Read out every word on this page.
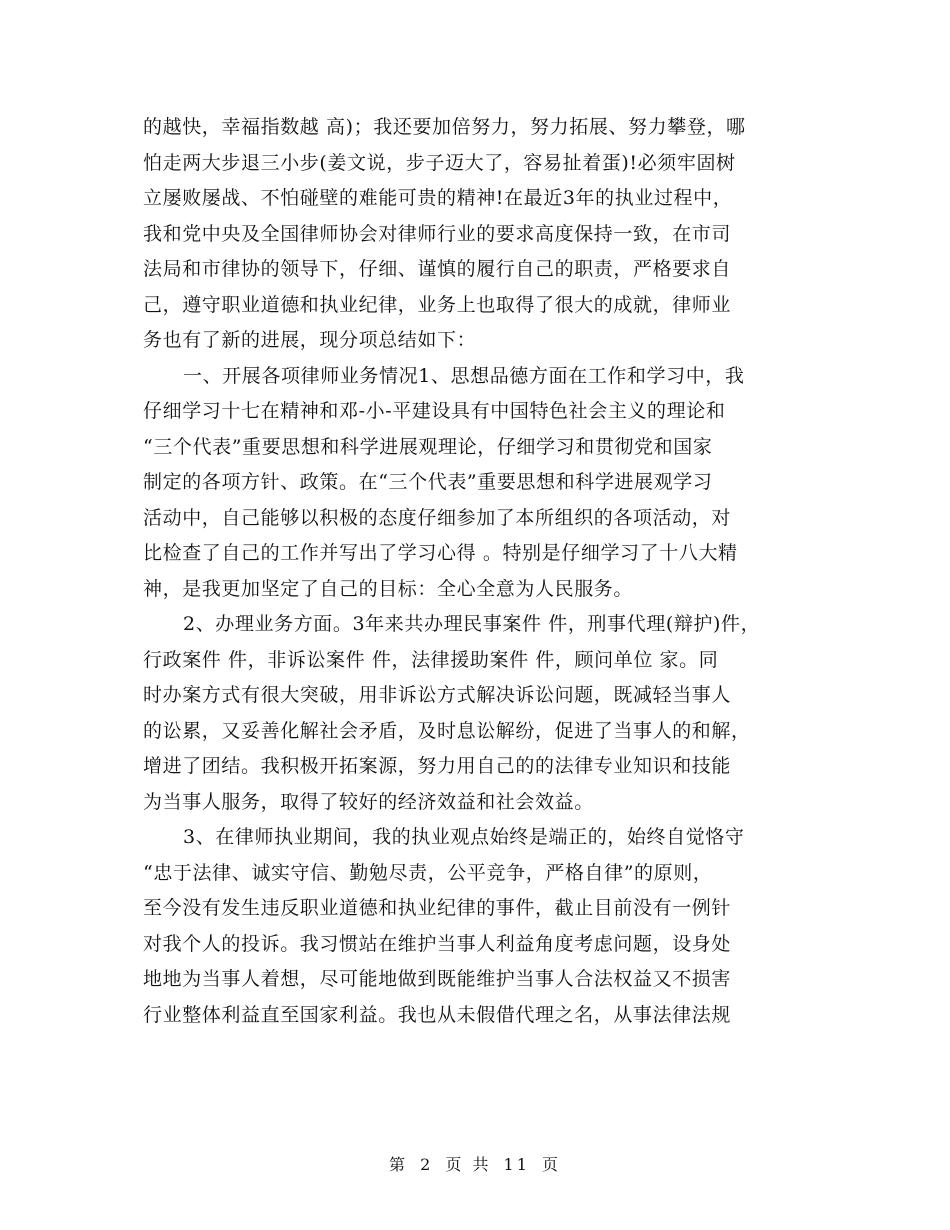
的越快，幸福指数越 高)；我还要加倍努力，努力拓展、努力攀登，哪
怕走两大步退三小步(姜文说，步子迈大了，容易扯着蛋)!必须牢固树
立屡败屡战、不怕碰壁的难能可贵的精神!在最近3年的执业过程中，
我和党中央及全国律师协会对律师行业的要求高度保持一致，在市司
法局和市律协的领导下，仔细、谨慎的履行自己的职责，严格要求自
己，遵守职业道德和执业纪律，业务上也取得了很大的成就，律师业
务也有了新的进展，现分项总结如下：
一、开展各项律师业务情况1、思想品德方面在工作和学习中，我
仔细学习十七在精神和邓-小-平建设具有中国特色社会主义的理论和
“三个代表”重要思想和科学进展观理论，仔细学习和贯彻党和国家
制定的各项方针、政策。在“三个代表”重要思想和科学进展观学习
活动中，自己能够以积极的态度仔细参加了本所组织的各项活动，对
比检查了自己的工作并写出了学习心得 。特别是仔细学习了十八大精
神，是我更加坚定了自己的目标：全心全意为人民服务。
2、办理业务方面。3年来共办理民事案件 件，刑事代理(辩护)件，
行政案件 件，非诉讼案件 件，法律援助案件 件，顾问单位 家。同
时办案方式有很大突破，用非诉讼方式解决诉讼问题，既减轻当事人
的讼累，又妥善化解社会矛盾，及时息讼解纷，促进了当事人的和解，
增进了团结。我积极开拓案源，努力用自己的的法律专业知识和技能
为当事人服务，取得了较好的经济效益和社会效益。
3、在律师执业期间，我的执业观点始终是端正的，始终自觉恪守
“忠于法律、诚实守信、勤勉尽责，公平竞争，严格自律”的原则，
至今没有发生违反职业道德和执业纪律的事件，截止目前没有一例针
对我个人的投诉。我习惯站在维护当事人利益角度考虑问题，设身处
地地为当事人着想，尽可能地做到既能维护当事人合法权益又不损害
行业整体利益直至国家利益。我也从未假借代理之名，从事法律法规
第 2 页 共 11 页
